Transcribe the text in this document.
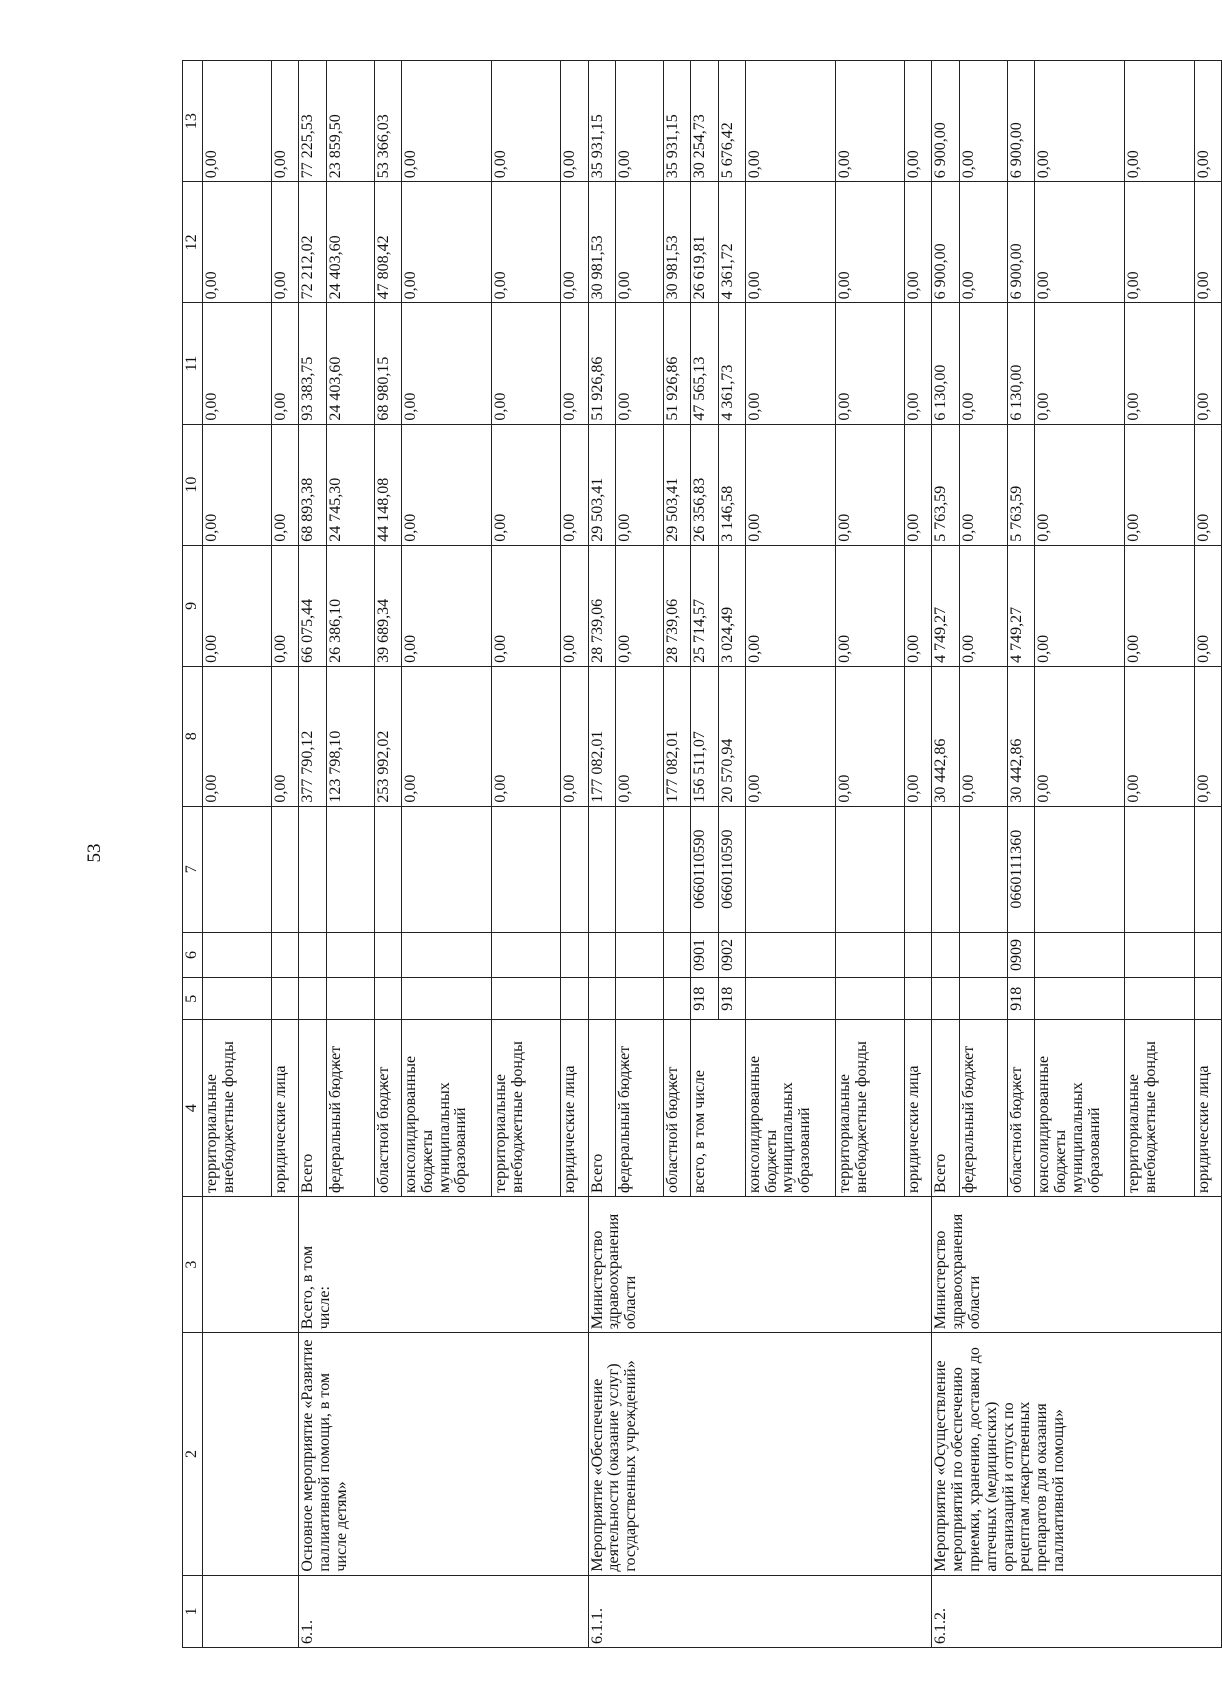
53
1	2	3	4	5	6	7	8	9	10	11	12	13
			территориальные внебюджетные фонды				0,00	0,00	0,00	0,00	0,00	0,00
			юридические лица				0,00	0,00	0,00	0,00	0,00	0,00
6.1.	Основное мероприятие «Развитие паллиативной помощи, в том числе детям»	Всего, в том числе:	Всего				377 790,12	66 075,44	68 893,38	93 383,75	72 212,02	77 225,53
			федеральный бюджет				123 798,10	26 386,10	24 745,30	24 403,60	24 403,60	23 859,50
			областной бюджет				253 992,02	39 689,34	44 148,08	68 980,15	47 808,42	53 366,03
			консолидированные бюджеты муниципальных образований				0,00	0,00	0,00	0,00	0,00	0,00
			территориальные внебюджетные фонды				0,00	0,00	0,00	0,00	0,00	0,00
			юридические лица				0,00	0,00	0,00	0,00	0,00	0,00
6.1.1.	Мероприятие «Обеспечение деятельности (оказание услуг) государственных учреждений»	Министерство здравоохранения области	Всего				177 082,01	28 739,06	29 503,41	51 926,86	30 981,53	35 931,15
			федеральный бюджет				0,00	0,00	0,00	0,00	0,00	0,00
			областной бюджет				177 082,01	28 739,06	29 503,41	51 926,86	30 981,53	35 931,15
			всего, в том числе	918	0901	0660110590	156 511,07	25 714,57	26 356,83	47 565,13	26 619,81	30 254,73
				918	0902	0660110590	20 570,94	3 024,49	3 146,58	4 361,73	4 361,72	5 676,42
			консолидированные бюджеты муниципальных образований				0,00	0,00	0,00	0,00	0,00	0,00
			территориальные внебюджетные фонды				0,00	0,00	0,00	0,00	0,00	0,00
			юридические лица				0,00	0,00	0,00	0,00	0,00	0,00
6.1.2.	Мероприятие «Осуществление мероприятий по обеспечению приемки, хранению, доставки до аптечных (медицинских) организаций и отпуск по рецептам лекарственных препаратов для оказания паллиативной помощи»	Министерство здравоохранения области	Всего				30 442,86	4 749,27	5 763,59	6 130,00	6 900,00	6 900,00
			федеральный бюджет				0,00	0,00	0,00	0,00	0,00	0,00
			областной бюджет	918	0909	0660111360	30 442,86	4 749,27	5 763,59	6 130,00	6 900,00	6 900,00
			консолидированные бюджеты муниципальных образований				0,00	0,00	0,00	0,00	0,00	0,00
			территориальные внебюджетные фонды				0,00	0,00	0,00	0,00	0,00	0,00
			юридические лица				0,00	0,00	0,00	0,00	0,00	0,00
